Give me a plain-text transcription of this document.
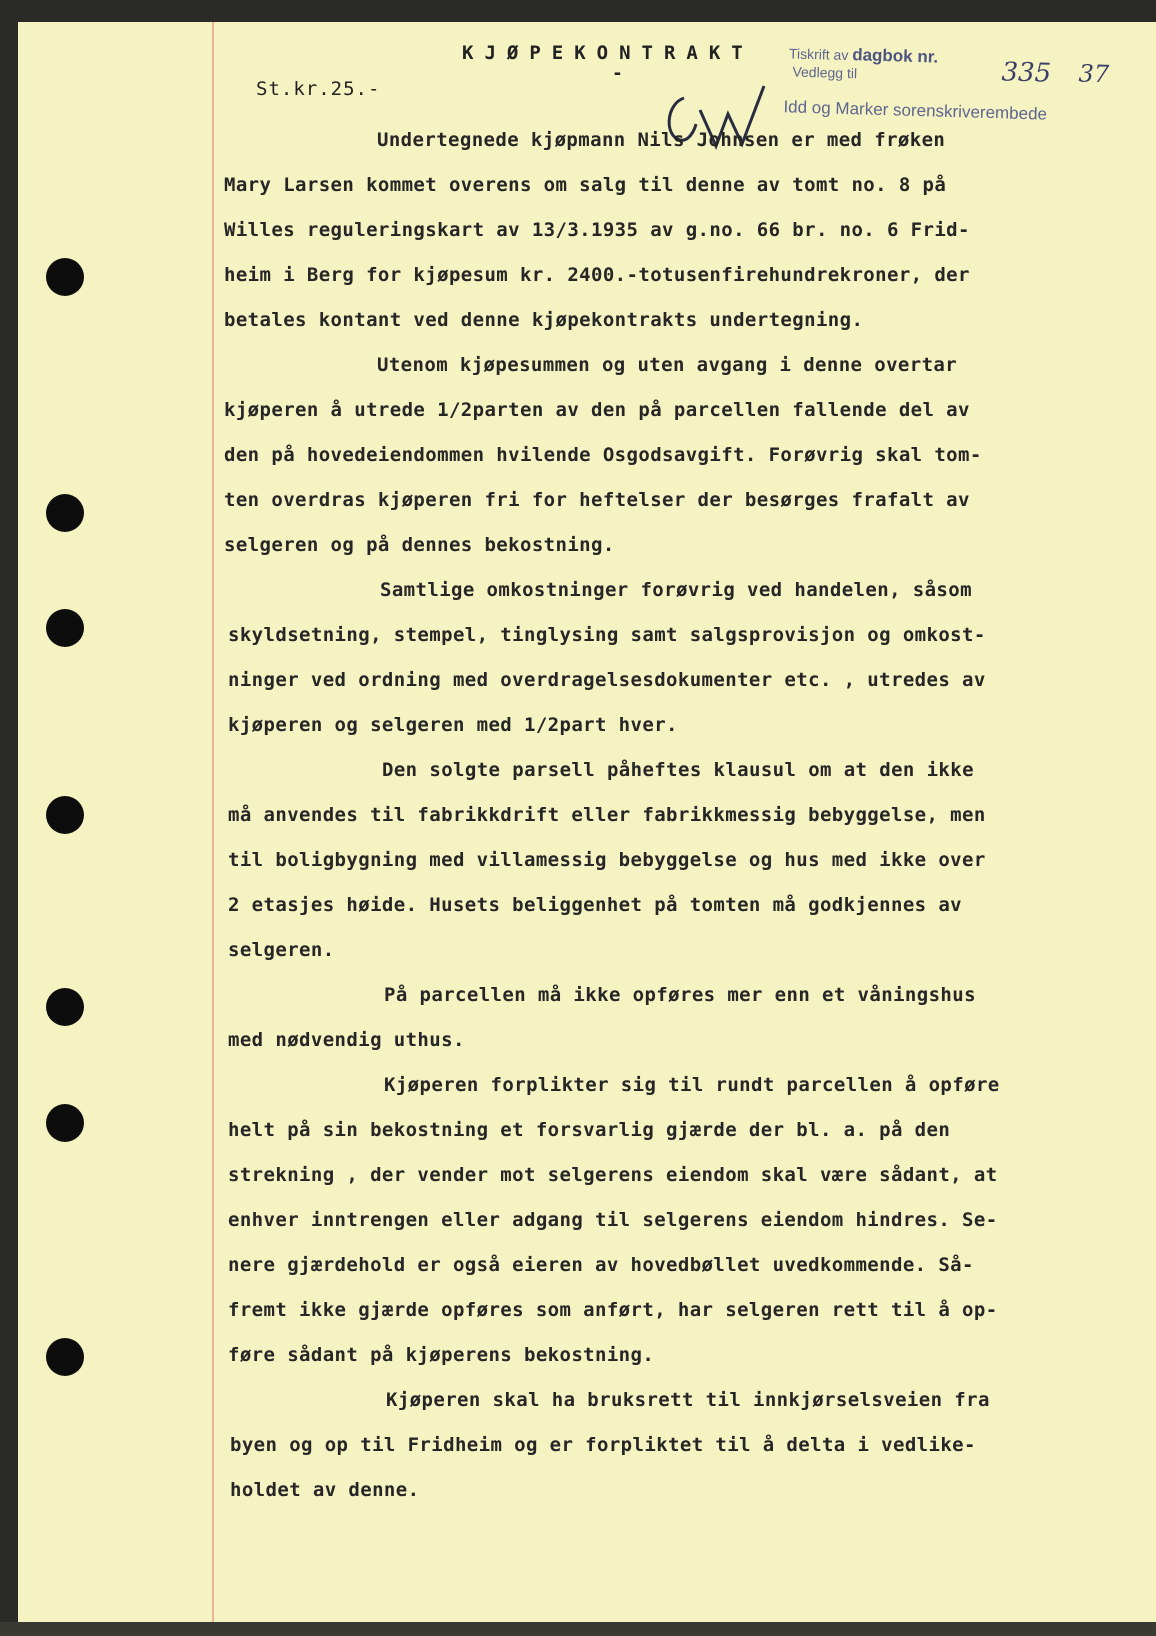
KJØPEKONTRAKT
-
St.kr.25.-
Tiskrift av dagbok nr.
335 37
Vedlegg til
Idd og Marker sorenskriverembede
Undertegnede kjøpmann Nils Johnsen er med frøken
Mary Larsen kommet overens om salg til denne av tomt no. 8 på
Willes reguleringskart av 13/3.1935 av g.no. 66 br. no. 6 Frid-
heim i Berg for kjøpesum kr. 2400.-totusenfirehundrekroner, der
betales kontant ved denne kjøpekontrakts undertegning.
Utenom kjøpesummen og uten avgang i denne overtar
kjøperen å utrede 1/2parten av den på parcellen fallende del av
den på hovedeiendommen hvilende Osgodsavgift. Forøvrig skal tom-
ten overdras kjøperen fri for heftelser der besørges frafalt av
selgeren og på dennes bekostning.
Samtlige omkostninger forøvrig ved handelen, såsom
skyldsetning, stempel, tinglysing samt salgsprovisjon og omkost-
ninger ved ordning med overdragelsesdokumenter etc. , utredes av
kjøperen og selgeren med 1/2part hver.
Den solgte parsell påheftes klausul om at den ikke
må anvendes til fabrikkdrift eller fabrikkmessig bebyggelse, men
til boligbygning med villamessig bebyggelse og hus med ikke over
2 etasjes høide. Husets beliggenhet på tomten må godkjennes av
selgeren.
På parcellen må ikke opføres mer enn et våningshus
med nødvendig uthus.
Kjøperen forplikter sig til rundt parcellen å opføre
helt på sin bekostning et forsvarlig gjærde der bl. a. på den
strekning , der vender mot selgerens eiendom skal være sådant, at
enhver inntrengen eller adgang til selgerens eiendom hindres. Se-
nere gjærdehold er også eieren av hovedbøllet uvedkommende. Så-
fremt ikke gjærde opføres som anført, har selgeren rett til å op-
føre sådant på kjøperens bekostning.
Kjøperen skal ha bruksrett til innkjørselsveien fra
byen og op til Fridheim og er forpliktet til å delta i vedlike-
holdet av denne.
